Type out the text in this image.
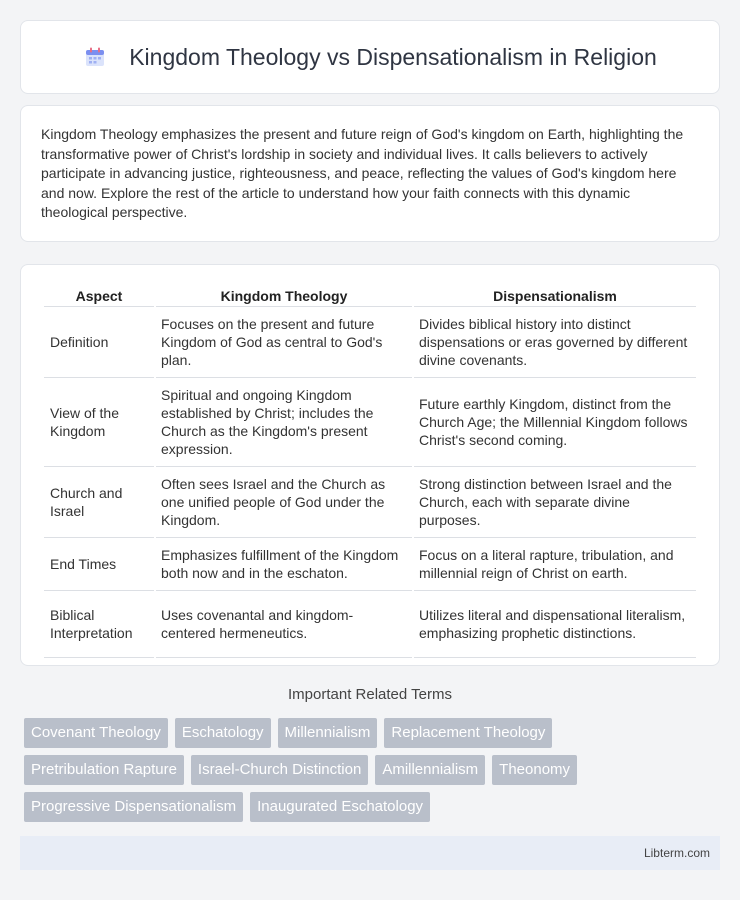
Kingdom Theology vs Dispensationalism in Religion

Kingdom Theology emphasizes the present and future reign of God's kingdom on Earth, highlighting the transformative power of Christ's lordship in society and individual lives. It calls believers to actively participate in advancing justice, righteousness, and peace, reflecting the values of God's kingdom here and now. Explore the rest of the article to understand how your faith connects with this dynamic theological perspective.

Aspect	Kingdom Theology	Dispensationalism
Definition	Focuses on the present and future Kingdom of God as central to God's plan.	Divides biblical history into distinct dispensations or eras governed by different divine covenants.
View of the Kingdom	Spiritual and ongoing Kingdom established by Christ; includes the Church as the Kingdom's present expression.	Future earthly Kingdom, distinct from the Church Age; the Millennial Kingdom follows Christ's second coming.
Church and Israel	Often sees Israel and the Church as one unified people of God under the Kingdom.	Strong distinction between Israel and the Church, each with separate divine purposes.
End Times	Emphasizes fulfillment of the Kingdom both now and in the eschaton.	Focus on a literal rapture, tribulation, and millennial reign of Christ on earth.
Biblical Interpretation	Uses covenantal and kingdom-centered hermeneutics.	Utilizes literal and dispensational literalism, emphasizing prophetic distinctions.
Important Related Terms
Covenant Theology	Eschatology	Millennialism	Replacement Theology
Pretribulation Rapture	Israel-Church Distinction	Amillennialism	Theonomy
Progressive Dispensationalism	Inaugurated Eschatology
Libterm.com
